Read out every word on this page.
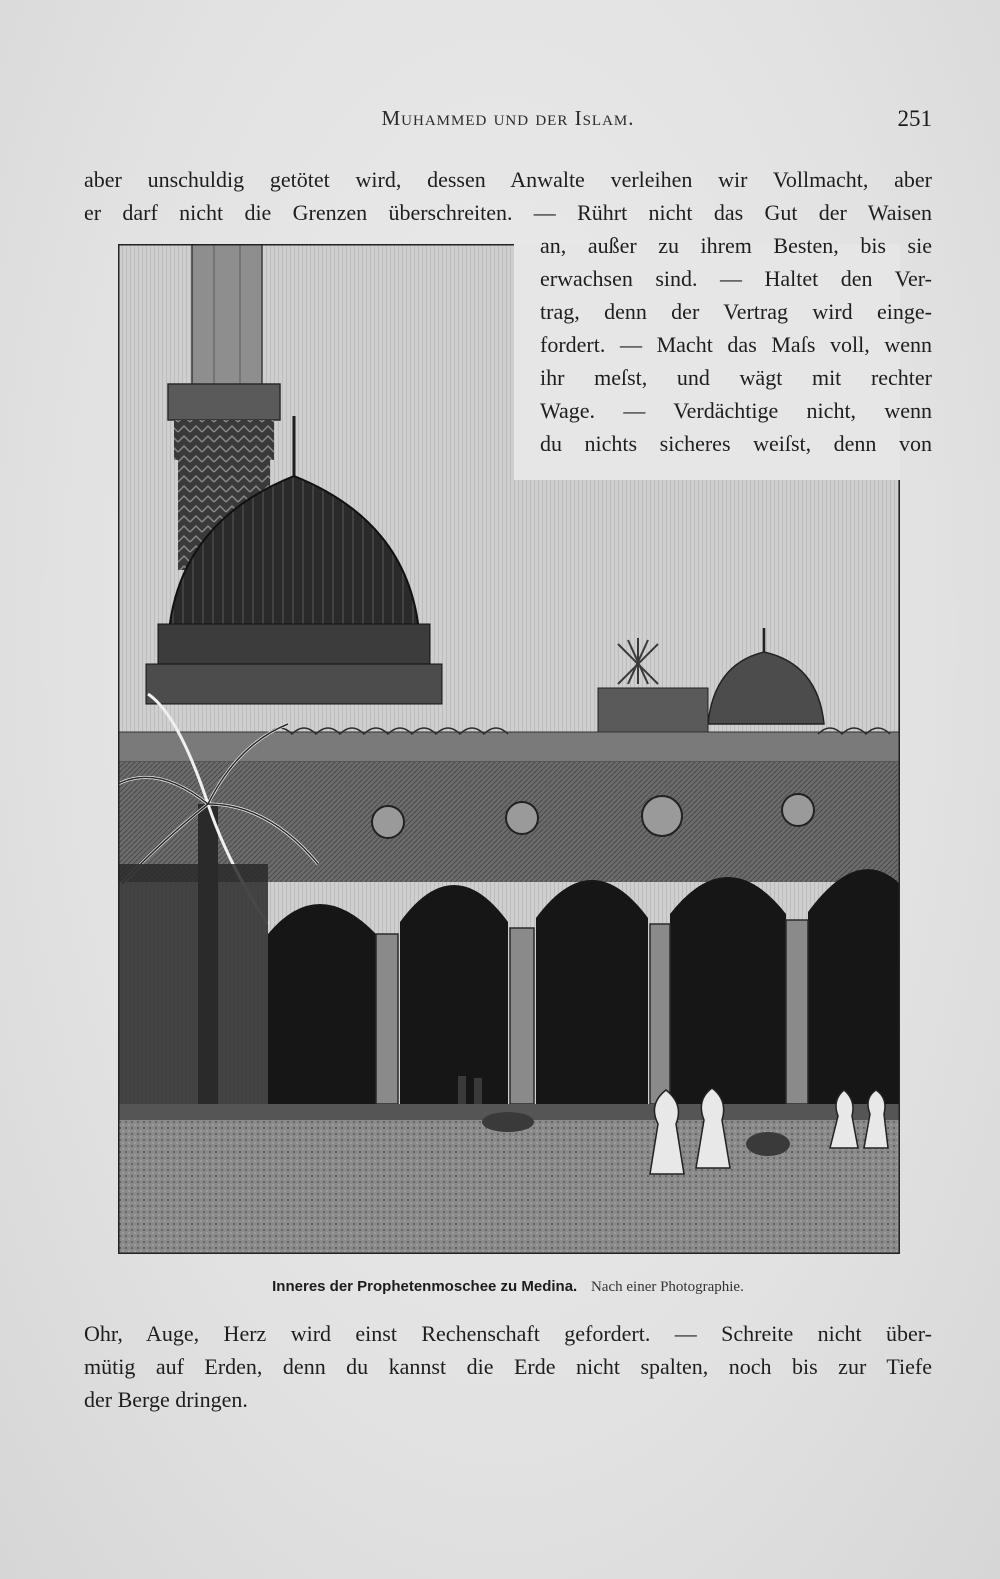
Muhammed und der Islam.	251
aber unschuldig getötet wird, dessen Anwalte verleihen wir Vollmacht, aber
er darf nicht die Grenzen überschreiten. — Rührt nicht das Gut der Waisen
an, außer zu ihrem Besten, bis sie
erwachsen sind. — Haltet den Ver-
trag, denn der Vertrag wird einge-
fordert. — Macht das Maſs voll, wenn
ihr meſst, und wägt mit rechter
Wage. — Verdächtige nicht, wenn
du nichts sicheres weiſst, denn von
Inneres der Prophetenmoschee zu Medina. Nach einer Photographie.
Ohr, Auge, Herz wird einst Rechenschaft gefordert. — Schreite nicht über-
mütig auf Erden, denn du kannst die Erde nicht spalten, noch bis zur Tiefe
der Berge dringen.
